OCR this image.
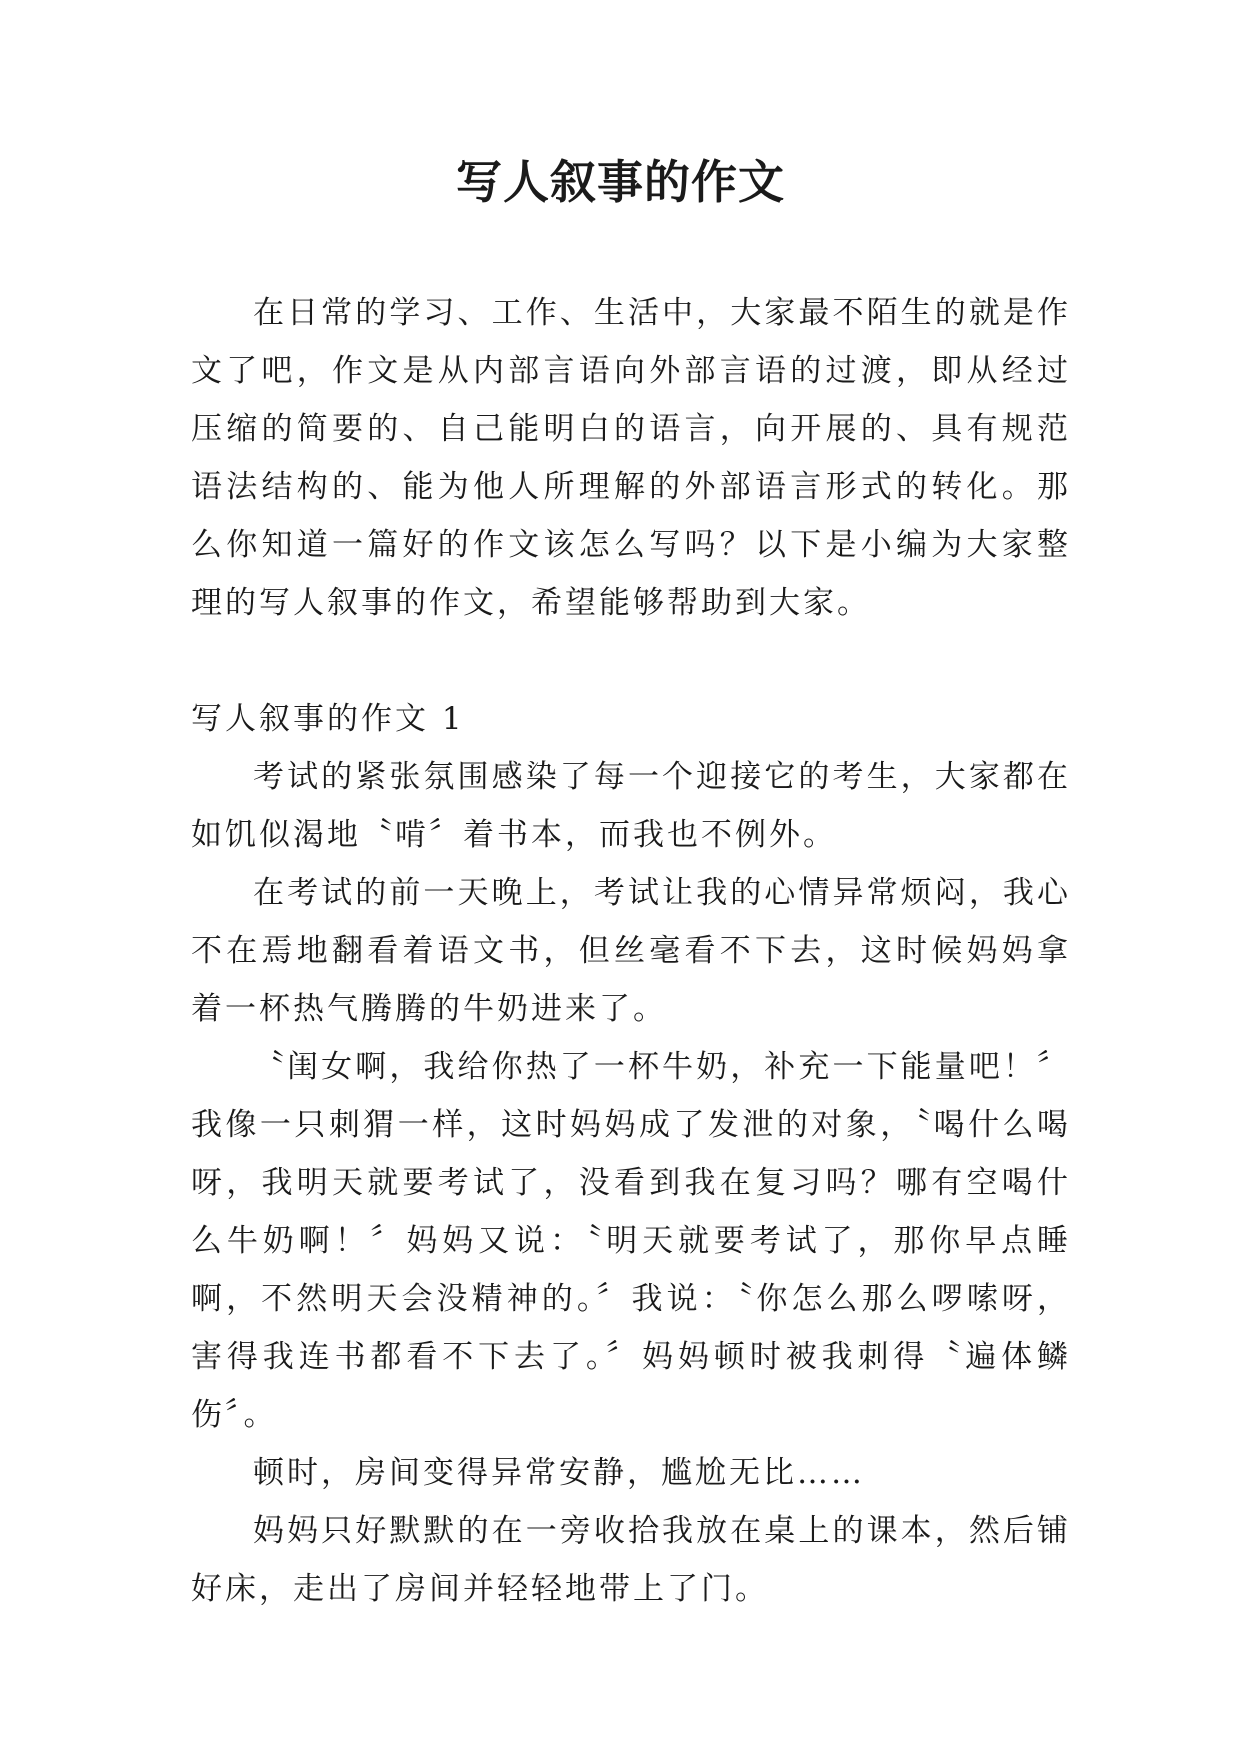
写人叙事的作文

在日常的学习、工作、生活中，大家最不陌生的就是作文了吧，作文是从内部言语向外部言语的过渡，即从经过压缩的简要的、自己能明白的语言，向开展的、具有规范语法结构的、能为他人所理解的外部语言形式的转化。那么你知道一篇好的作文该怎么写吗？以下是小编为大家整理的写人叙事的作文，希望能够帮助到大家。

写人叙事的作文 1

考试的紧张氛围感染了每一个迎接它的考生，大家都在如饥似渴地〝啃〞着书本，而我也不例外。

在考试的前一天晚上，考试让我的心情异常烦闷，我心不在焉地翻看着语文书，但丝毫看不下去，这时候妈妈拿着一杯热气腾腾的牛奶进来了。

〝闺女啊，我给你热了一杯牛奶，补充一下能量吧！〞我像一只刺猬一样，这时妈妈成了发泄的对象，〝喝什么喝呀，我明天就要考试了，没看到我在复习吗？哪有空喝什么牛奶啊！〞妈妈又说：〝明天就要考试了，那你早点睡啊，不然明天会没精神的。〞我说：〝你怎么那么啰嗦呀，害得我连书都看不下去了。〞妈妈顿时被我刺得〝遍体鳞伤〞。

顿时，房间变得异常安静，尴尬无比……

妈妈只好默默的在一旁收拾我放在桌上的课本，然后铺好床，走出了房间并轻轻地带上了门。
